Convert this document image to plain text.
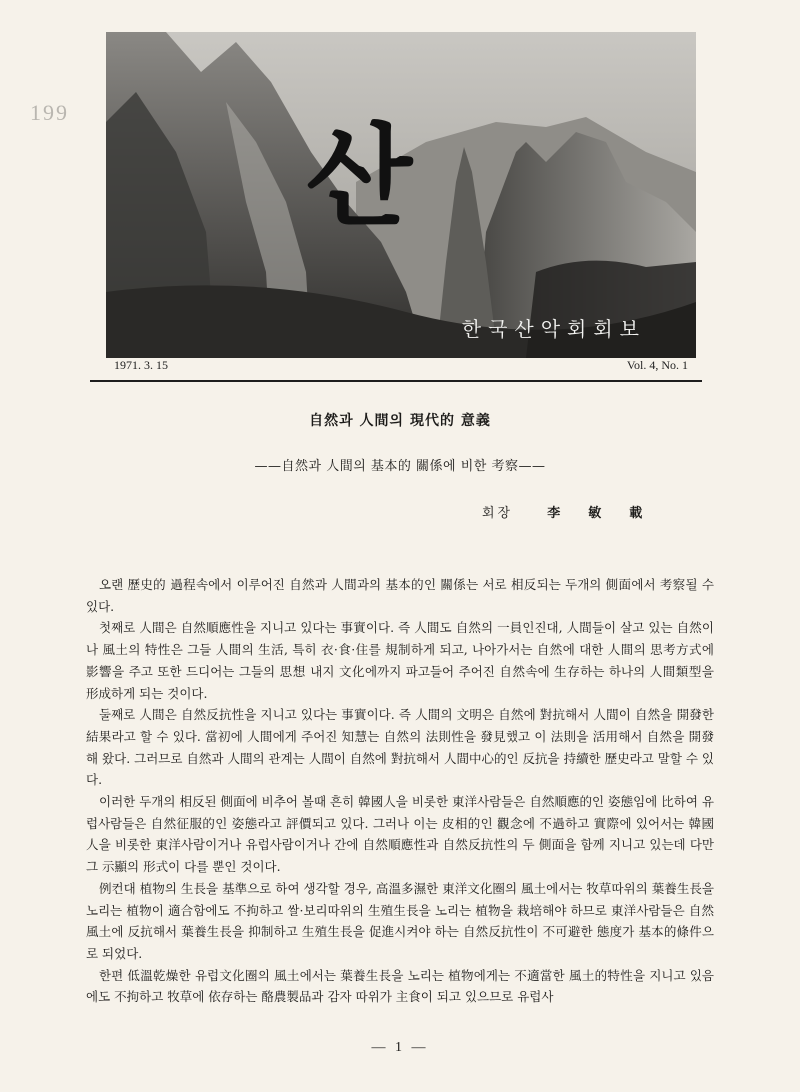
199
산
한국산악회회보
1971. 3. 15	Vol. 4, No. 1
自然과 人間의 現代的 意義
——自然과 人間의 基本的 關係에 비한 考察——
회장	李敏載

오랜 歷史的 過程속에서 이루어진 自然과 人間과의 基本的인 關係는 서로 相反되는 두개의 側面에서 考察될 수 있다.

첫째로 人間은 自然順應性을 지니고 있다는 事實이다. 즉 人間도 自然의 一員인진대, 人間들이 살고 있는 自然이나 風土의 特性은 그들 人間의 生活, 특히 衣·食·住를 規制하게 되고, 나아가서는 自然에 대한 人間의 思考方式에 影響을 주고 또한 드디어는 그들의 思想 내지 文化에까지 파고들어 주어진 自然속에 生存하는 하나의 人間類型을 形成하게 되는 것이다.

둘째로 人間은 自然反抗性을 지니고 있다는 事實이다. 즉 人間의 文明은 自然에 對抗해서 人間이 自然을 開發한 結果라고 할 수 있다. 當初에 人間에게 주어진 知慧는 自然의 法則性을 發見했고 이 法則을 活用해서 自然을 開發해 왔다. 그러므로 自然과 人間의 관계는 人間이 自然에 對抗해서 人間中心的인 反抗을 持續한 歷史라고 말할 수 있다.

이러한 두개의 相反된 側面에 비추어 볼때 흔히 韓國人을 비롯한 東洋사람들은 自然順應的인 姿態임에 比하여 유럽사람들은 自然征服的인 姿態라고 評價되고 있다. 그러나 이는 皮相的인 觀念에 不過하고 實際에 있어서는 韓國人을 비롯한 東洋사람이거나 유럽사람이거나 간에 自然順應性과 自然反抗性의 두 側面을 함께 지니고 있는데 다만 그 示顯의 形式이 다를 뿐인 것이다.

例컨대 植物의 生長을 基準으로 하여 생각할 경우, 高溫多濕한 東洋文化圈의 風土에서는 牧草따위의 葉養生長을 노리는 植物이 適合함에도 不拘하고 쌀·보리따위의 生殖生長을 노리는 植物을 栽培해야 하므로 東洋사람들은 自然風土에 反抗해서 葉養生長을 抑制하고 生殖生長을 促進시켜야 하는 自然反抗性이 不可避한 態度가 基本的條件으로 되었다.

한편 低溫乾燥한 유럽文化圈의 風土에서는 葉養生長을 노리는 植物에게는 不適當한 風土的特性을 지니고 있음에도 不拘하고 牧草에 依存하는 酪農製品과 감자 따위가 主食이 되고 있으므로 유럽사

— 1 —
